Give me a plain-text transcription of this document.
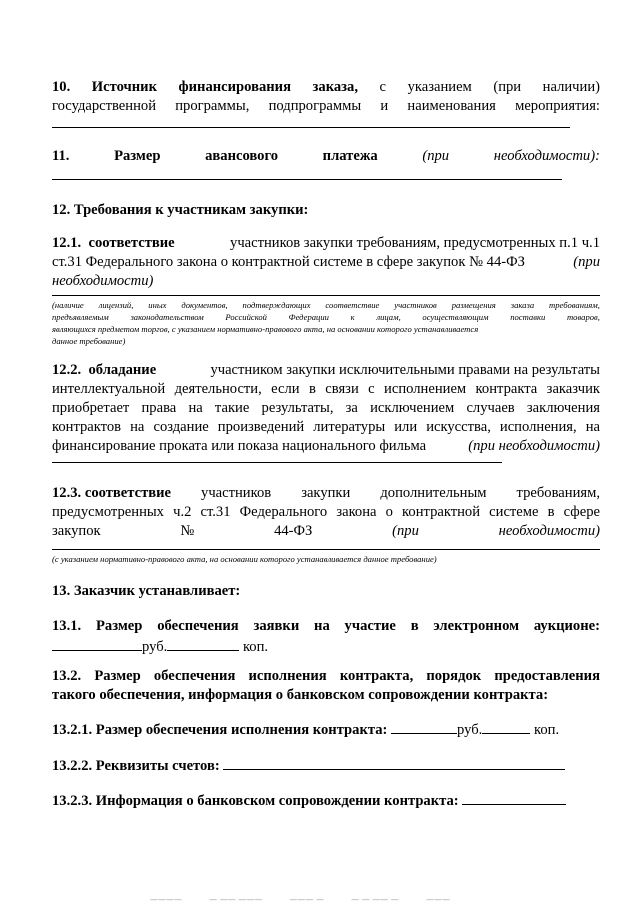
10. Источник финансирования заказа, с указанием (при наличии)
государственной программы, подпрограммы и наименования мероприятия:
11.	Размер	авансового	платежа	(при	необходимости):
12. Требования к участникам закупки:
12.1. соответствие	участников закупки требованиям, предусмотренных п.1 ч.1
ст.31 Федерального закона о контрактной системе в сфере закупок № 44-ФЗ	(при
необходимости)
(наличие лицензий, иных документов, подтверждающих соответствие участников размещения заказа требованиям,
предъявляемым	законодательством	Российской	Федерации	к	лицам,	осуществляющим	поставки	товаров,
являющихся предметом торгов, с указанием нормативно-правового акта, на основании которого устанавливается
данное требование)
12.2. обладание	участником закупки исключительными правами на результаты
интеллектуальной деятельности, если в связи с исполнением контракта заказчик
приобретает права на такие результаты, за исключением случаев заключения
контрактов на создание произведений литературы или искусства, исполнения, на
финансирование проката или показа национального фильма	(при необходимости)
12.3. соответствие участников закупки дополнительным требованиям,
предусмотренных ч.2 ст.31 Федерального закона о контрактной системе в сфере
закупок	№	44-ФЗ	(при	необходимости)
(с указанием нормативно-правового акта, на основании которого устанавливается данное требование)
13. Заказчик устанавливает:
13.1. Размер обеспечения заявки на участие в электронном аукционе:
руб.	коп.
13.2. Размер обеспечения исполнения контракта, порядок предоставления
такого обеспечения, информация о банковском сопровождении контракта:
13.2.1. Размер обеспечения исполнения контракта:	руб.	коп.
13.2.2. Реквизиты счетов:
13.2.3. Информация о банковском сопровождении контракта:
————	— —— ———	——— —	— — —— —	———
